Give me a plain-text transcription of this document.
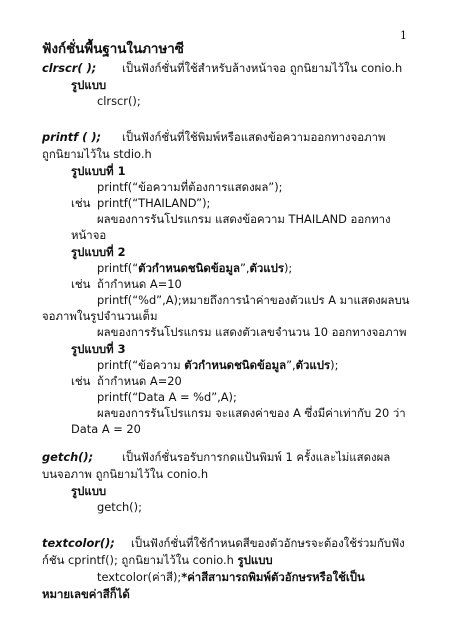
1
ฟังก์ชั่นพื้นฐานในภาษาซี
clrscr( ); เป็นฟังก์ชั่นที่ใช้สำหรับล้างหน้าจอ ถูกนิยามไว้ใน conio.h
รูปแบบ
clrscr();
printf ( ); เป็นฟังก์ชั่นที่ใช้พิมพ์หรือแสดงข้อความออกทางจอภาพ
ถูกนิยามไว้ใน stdio.h
รูปแบบที่ 1
printf(“ข้อความที่ต้องการแสดงผล”);
เช่น printf(“THAILAND”);
ผลของการรันโปรแกรม แสดงข้อความ THAILAND ออกทาง
หน้าจอ
รูปแบบที่ 2
printf(“ตัวกำหนดชนิดข้อมูล”,ตัวแปร);
เช่น ถ้ากำหนด A=10
printf(“%d”,A);หมายถึงการนำค่าของตัวแปร A มาแสดงผลบน
จอภาพในรูปจำนวนเต็ม
ผลของการรันโปรแกรม แสดงตัวเลขจำนวน 10 ออกทางจอภาพ
รูปแบบที่ 3
printf(“ข้อความ ตัวกำหนดชนิดข้อมูล”,ตัวแปร);
เช่น ถ้ากำหนด A=20
printf(“Data A = %d”,A);
ผลของการรันโปรแกรม จะแสดงค่าของ A ซึ่งมีค่าเท่ากับ 20 ว่า
Data A = 20
getch();	เป็นฟังก์ชั่นรอรับการกดแป้นพิมพ์ 1 ครั้งและไม่แสดงผล
บนจอภาพ ถูกนิยามไว้ใน conio.h
รูปแบบ
getch();
textcolor(); เป็นฟังก์ชั่นที่ใช้กำหนดสีของตัวอักษรจะต้องใช้ร่วมกับฟัง
ก์ชัน cprintf(); ถูกนิยามไว้ใน conio.h รูปแบบ
textcolor(ค่าสี);*ค่าสีสามารถพิมพ์ตัวอักษรหรือใช้เป็น
หมายเลขค่าสีก็ได้
